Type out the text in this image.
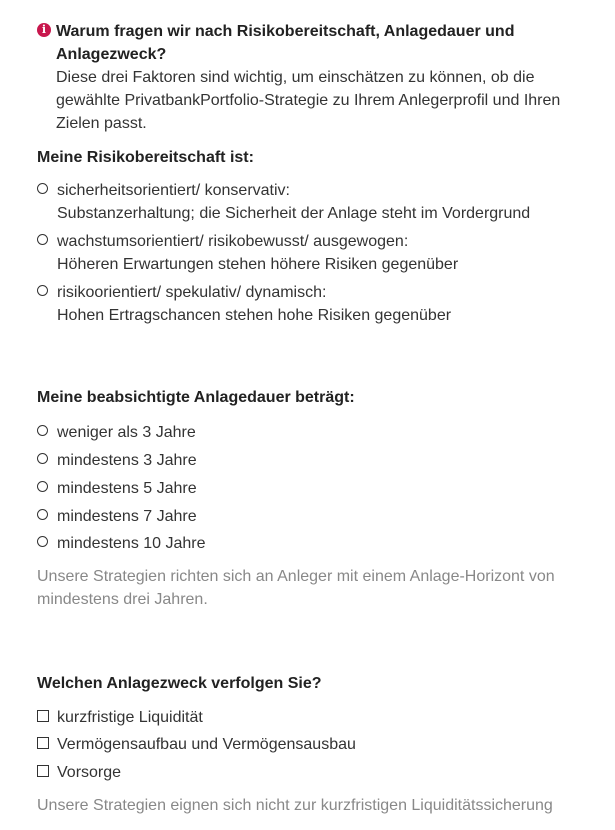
i Warum fragen wir nach Risikobereitschaft, Anlagedauer und Anlagezweck?
Diese drei Faktoren sind wichtig, um einschätzen zu können, ob die gewählte PrivatbankPortfolio-Strategie zu Ihrem Anlegerprofil und Ihren Zielen passt.
Meine Risikobereitschaft ist:
sicherheitsorientiert/ konservativ:
Substanzerhaltung; die Sicherheit der Anlage steht im Vordergrund
wachstumsorientiert/ risikobewusst/ ausgewogen:
Höheren Erwartungen stehen höhere Risiken gegenüber
risikoorientiert/ spekulativ/ dynamisch:
Hohen Ertragschancen stehen hohe Risiken gegenüber
Meine beabsichtigte Anlagedauer beträgt:
weniger als 3 Jahre
mindestens 3 Jahre
mindestens 5 Jahre
mindestens 7 Jahre
mindestens 10 Jahre
Unsere Strategien richten sich an Anleger mit einem Anlage-Horizont von mindestens drei Jahren.
Welchen Anlagezweck verfolgen Sie?
kurzfristige Liquidität
Vermögensaufbau und Vermögensausbau
Vorsorge
Unsere Strategien eignen sich nicht zur kurzfristigen Liquiditätssicherung
